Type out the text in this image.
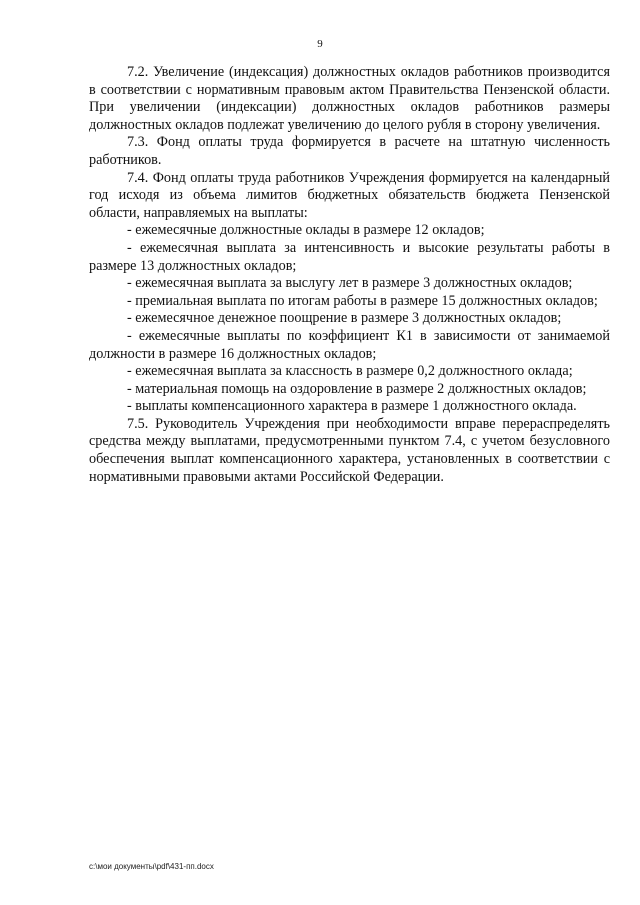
9

7.2. Увеличение (индексация) должностных окладов работников производится в соответствии с нормативным правовым актом Правительства Пензенской области. При увеличении (индексации) должностных окладов работников размеры должностных окладов подлежат увеличению до целого рубля в сторону увеличения.

7.3. Фонд оплаты труда формируется в расчете на штатную численность работников.

7.4. Фонд оплаты труда работников Учреждения формируется на календарный год исходя из объема лимитов бюджетных обязательств бюджета Пензенской области, направляемых на выплаты:

- ежемесячные должностные оклады в размере 12 окладов;

- ежемесячная выплата за интенсивность и высокие результаты работы в размере 13 должностных окладов;

- ежемесячная выплата за выслугу лет в размере 3 должностных окладов;

- премиальная выплата по итогам работы в размере 15 должностных окладов;

- ежемесячное денежное поощрение в размере 3 должностных окладов;

- ежемесячные выплаты по коэффициент К1 в зависимости от занимаемой должности в размере 16 должностных окладов;

- ежемесячная выплата за классность в размере 0,2 должностного оклада;

- материальная помощь на оздоровление в размере 2 должностных окладов;

- выплаты компенсационного характера в размере 1 должностного оклада.

7.5. Руководитель Учреждения при необходимости вправе перераспределять средства между выплатами, предусмотренными пунктом 7.4, с учетом безусловного обеспечения выплат компенсационного характера, установленных в соответствии с нормативными правовыми актами Российской Федерации.

c:\мои документы\pdf\431-пп.docx
